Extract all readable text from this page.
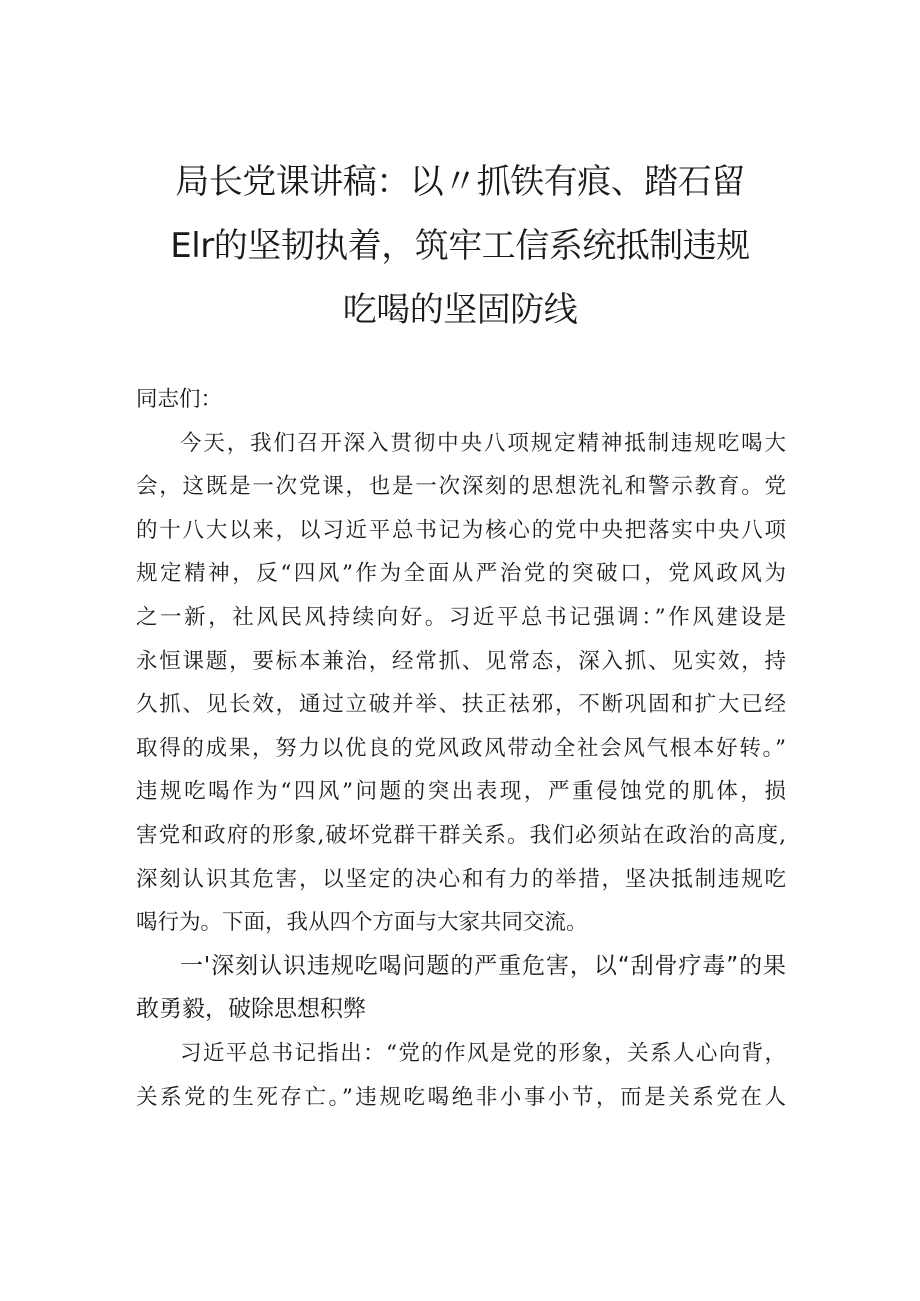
局长党课讲稿：以〃抓铁有痕、踏石留
Elr的坚韧执着，筑牢工信系统抵制违规
吃喝的坚固防线
同志们：
今天，我们召开深入贯彻中央八项规定精神抵制违规吃喝大
会，这既是一次党课，也是一次深刻的思想洗礼和警示教育。党
的十八大以来，以习近平总书记为核心的党中央把落实中央八项
规定精神，反“四风”作为全面从严治党的突破口，党风政风为
之一新，社风民风持续向好。习近平总书记强调：”作风建设是
永恒课题，要标本兼治，经常抓、见常态，深入抓、见实效，持
久抓、见长效，通过立破并举、扶正祛邪，不断巩固和扩大已经
取得的成果，努力以优良的党风政风带动全社会风气根本好转。”
违规吃喝作为“四风”问题的突出表现，严重侵蚀党的肌体，损
害党和政府的形象,破坏党群干群关系。我们必须站在政治的高度,
深刻认识其危害，以坚定的决心和有力的举措，坚决抵制违规吃
喝行为。下面，我从四个方面与大家共同交流。
一'深刻认识违规吃喝问题的严重危害，以“刮骨疗毒”的果
敢勇毅，破除思想积弊
习近平总书记指出：“党的作风是党的形象，关系人心向背，
关系党的生死存亡。”违规吃喝绝非小事小节，而是关系党在人
